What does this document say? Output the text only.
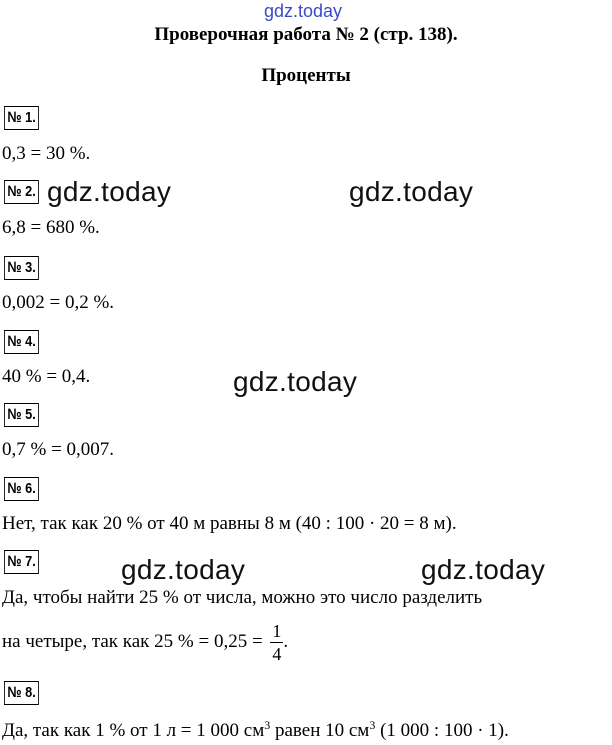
gdz.today
Проверочная работа № 2 (стр. 138).
Проценты
№ 1.
0,3 = 30 %.
№ 2.
6,8 = 680 %.
№ 3.
0,002 = 0,2 %.
№ 4.
40 % = 0,4.
№ 5.
0,7 % = 0,007.
№ 6.
Нет, так как 20 % от 40 м равны 8 м (40 : 100 · 20 = 8 м).
№ 7.
Да, чтобы найти 25 % от числа, можно это число разделить
на четыре, так как 25 % = $0,25 = \frac{1}{4}$ .
№ 8.
Да, так как 1 % от 1 л = 1 000 $см^3$ равен 10 $см^3$ (1 000 : 100 · 1).
gdz.today	gdz.today
gdz.today
gdz.today	gdz.today
